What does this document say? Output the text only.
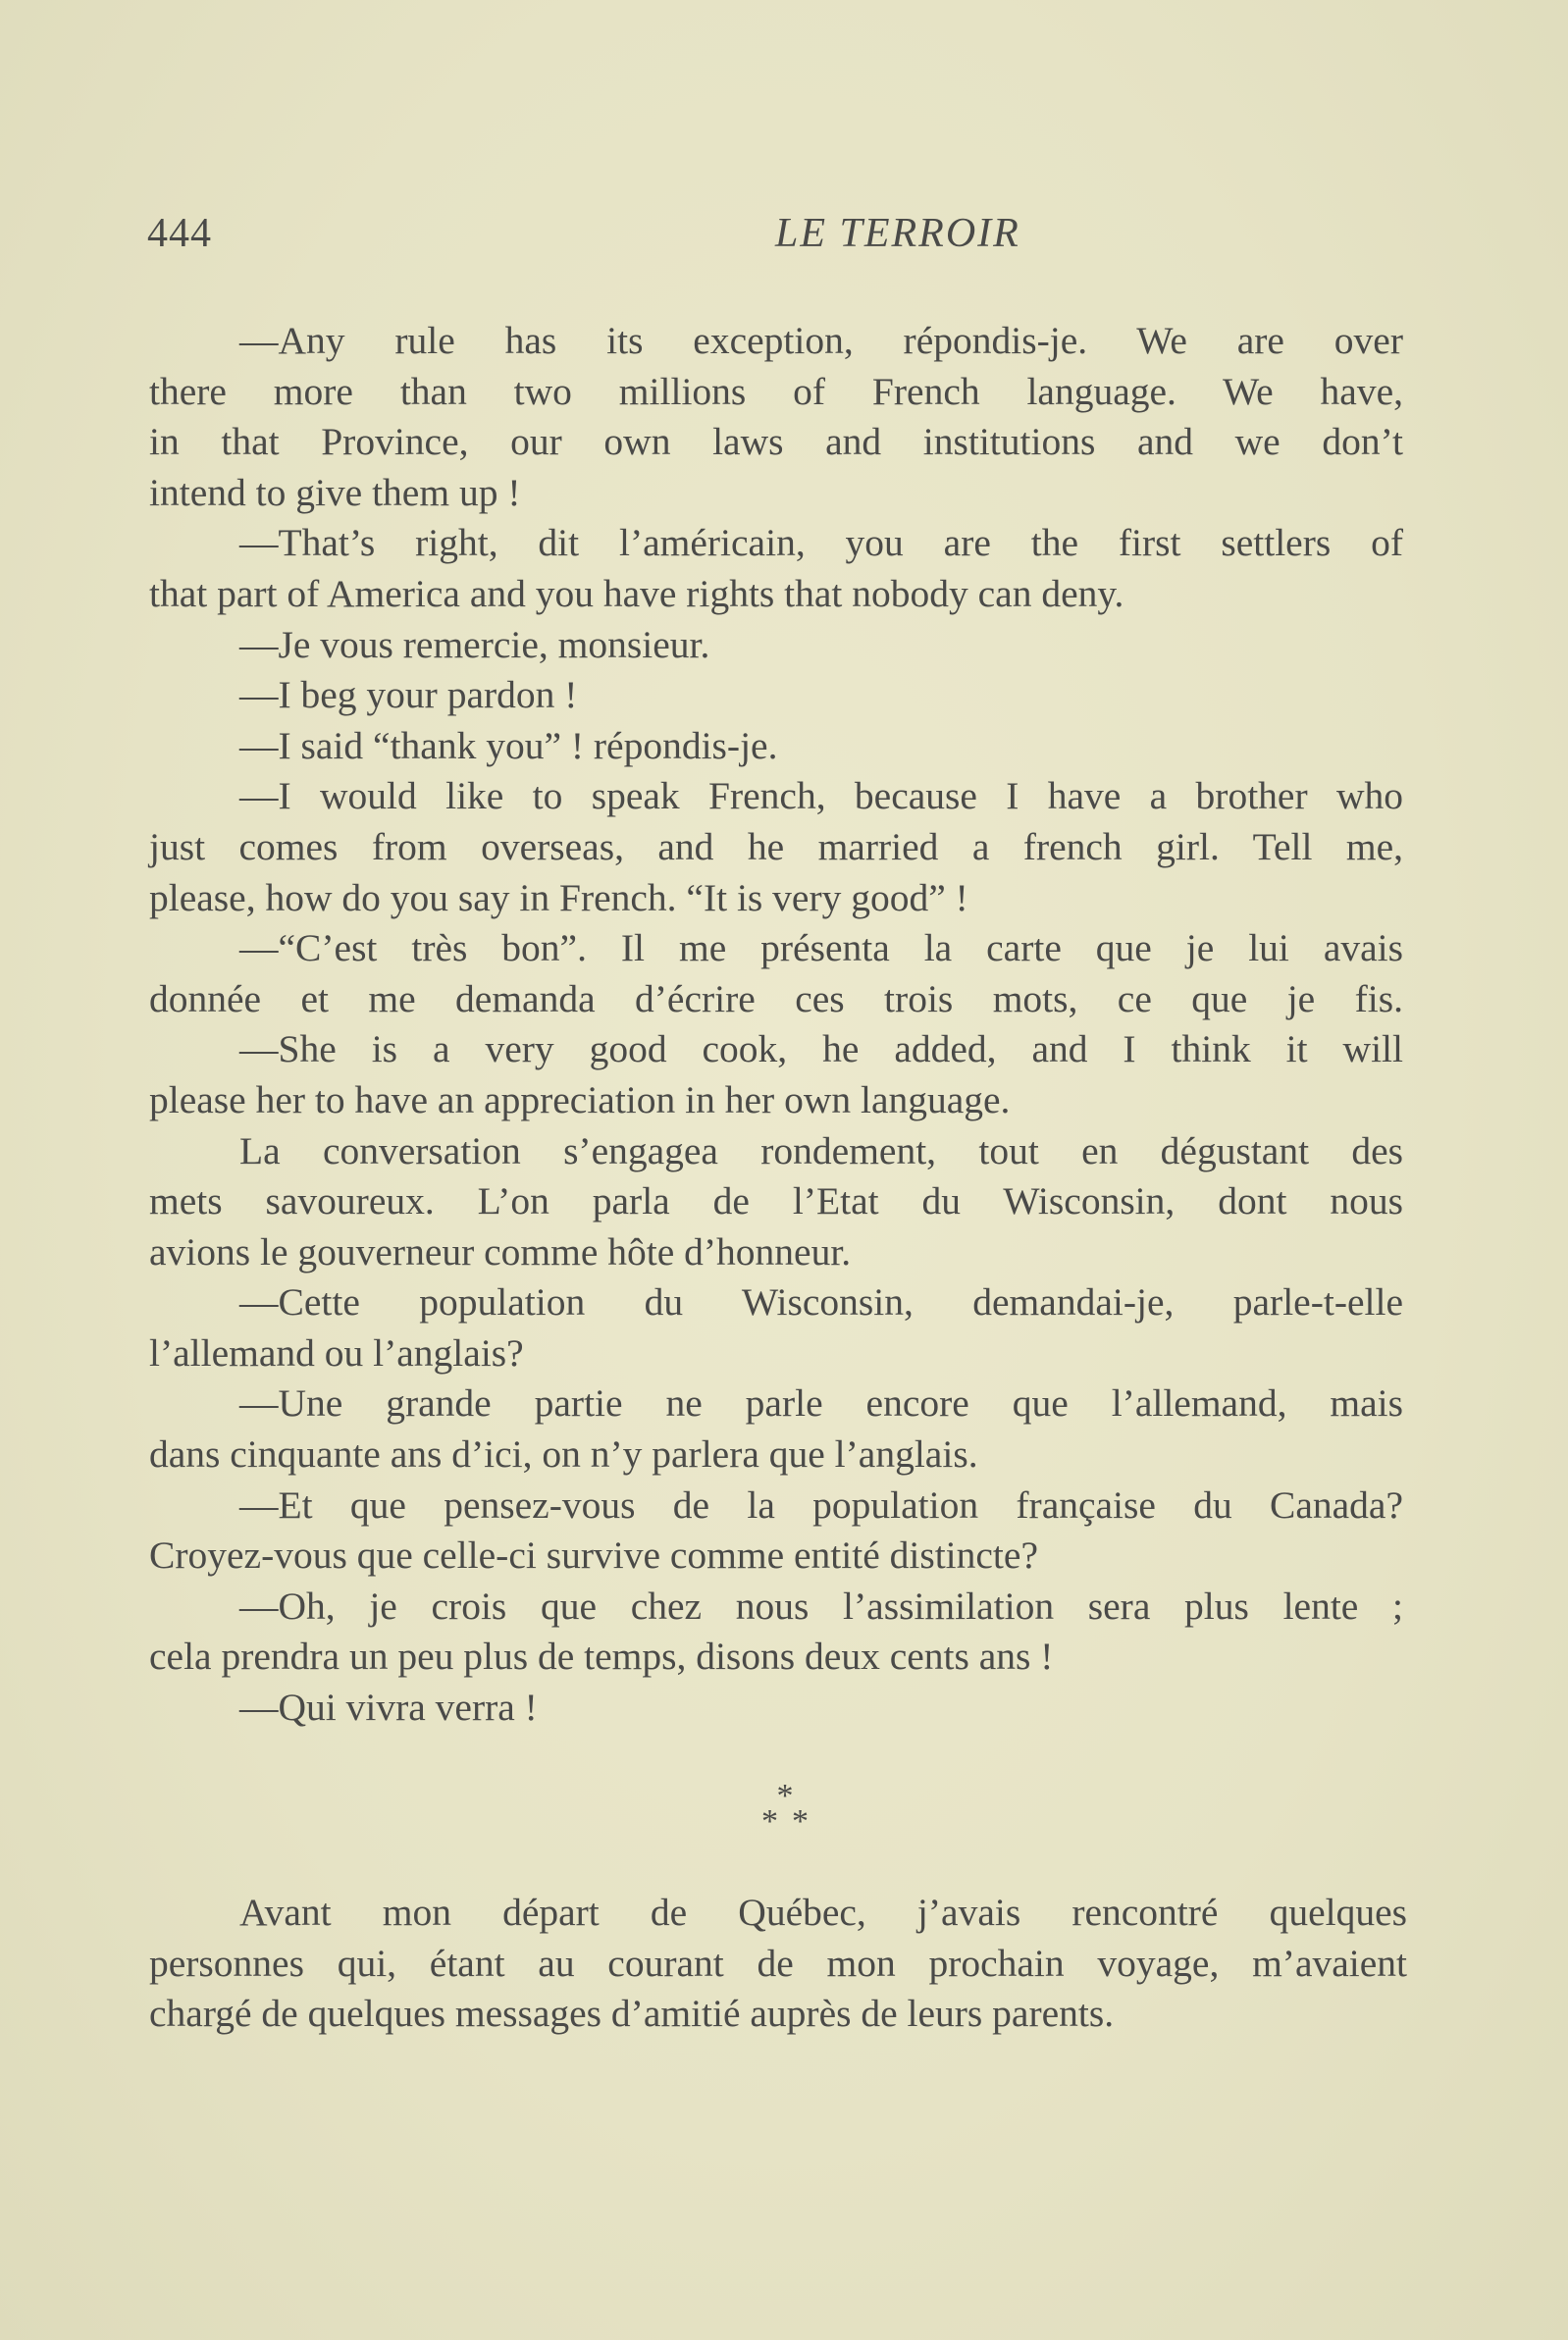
444	LE TERROIR
—Any rule has its exception, répondis-je. We are over
there more than two millions of French language. We have,
in that Province, our own laws and institutions and we don’t
intend to give them up !
—That’s right, dit l’américain, you are the first settlers of
that part of America and you have rights that nobody can deny.
—Je vous remercie, monsieur.
—I beg your pardon !
—I said “thank you” ! répondis-je.
—I would like to speak French, because I have a brother who
just comes from overseas, and he married a french girl. Tell me,
please, how do you say in French. “It is very good” !
—“C’est très bon”. Il me présenta la carte que je lui avais
donnée et me demanda d’écrire ces trois mots, ce que je fis.
—She is a very good cook, he added, and I think it will
please her to have an appreciation in her own language.
La conversation s’engagea rondement, tout en dégustant des
mets savoureux. L’on parla de l’Etat du Wisconsin, dont nous
avions le gouverneur comme hôte d’honneur.
—Cette population du Wisconsin, demandai-je, parle-t-elle
l’allemand ou l’anglais?
—Une grande partie ne parle encore que l’allemand, mais
dans cinquante ans d’ici, on n’y parlera que l’anglais.
—Et que pensez-vous de la population française du Canada?
Croyez-vous que celle-ci survive comme entité distincte?
—Oh, je crois que chez nous l’assimilation sera plus lente ;
cela prendra un peu plus de temps, disons deux cents ans !
—Qui vivra verra !
*
**
Avant mon départ de Québec, j’avais rencontré quelques
personnes qui, étant au courant de mon prochain voyage, m’avaient
chargé de quelques messages d’amitié auprès de leurs parents.
